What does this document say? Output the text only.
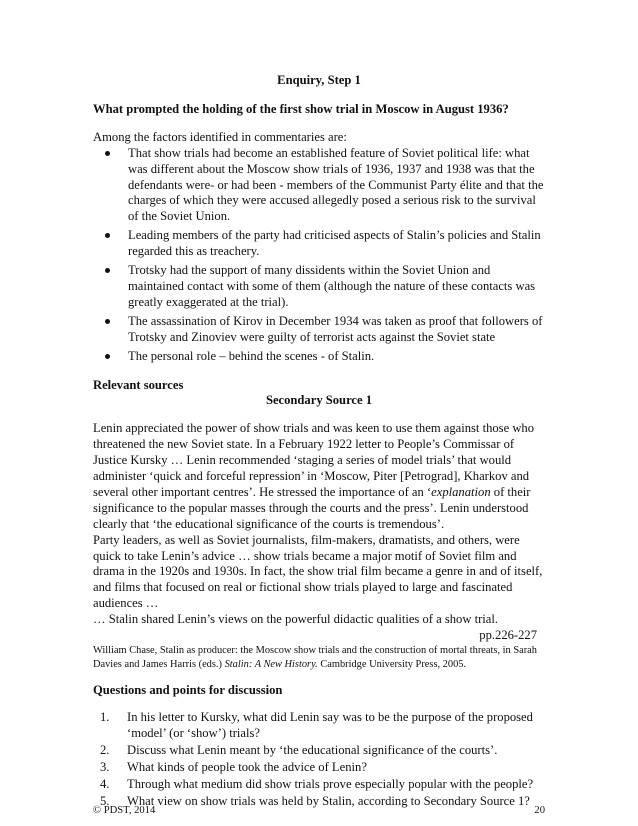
Enquiry, Step 1

What prompted the holding of the first show trial in Moscow in August 1936?

Among the factors identified in commentaries are:

That show trials had become an established feature of Soviet political life: what was different about the Moscow show trials of 1936, 1937 and 1938 was that the defendants were- or had been - members of the Communist Party élite and that the charges of which they were accused allegedly posed a serious risk to the survival of the Soviet Union.
Leading members of the party had criticised aspects of Stalin’s policies and Stalin regarded this as treachery.
Trotsky had the support of many dissidents within the Soviet Union and maintained contact with some of them (although the nature of these contacts was greatly exaggerated at the trial).
The assassination of Kirov in December 1934 was taken as proof that followers of Trotsky and Zinoviev were guilty of terrorist acts against the Soviet state
The personal role – behind the scenes - of Stalin.

Relevant sources

Secondary Source 1

Lenin appreciated the power of show trials and was keen to use them against those who threatened the new Soviet state. In a February 1922 letter to People’s Commissar of Justice Kursky … Lenin recommended ‘staging a series of model trials’ that would administer ‘quick and forceful repression’ in ‘Moscow, Piter [Petrograd], Kharkov and several other important centres’. He stressed the importance of an ‘explanation of their significance to the popular masses through the courts and the press’. Lenin understood clearly that ‘the educational significance of the courts is tremendous’.

Party leaders, as well as Soviet journalists, film-makers, dramatists, and others, were quick to take Lenin’s advice … show trials became a major motif of Soviet film and drama in the 1920s and 1930s. In fact, the show trial film became a genre in and of itself, and films that focused on real or fictional show trials played to large and fascinated audiences …

… Stalin shared Lenin’s views on the powerful didactic qualities of a show trial.

pp.226-227

William Chase, Stalin as producer: the Moscow show trials and the construction of mortal threats, in Sarah Davies and James Harris (eds.) Stalin: A New History. Cambridge University Press, 2005.

Questions and points for discussion

1. In his letter to Kursky, what did Lenin say was to be the purpose of the proposed ‘model’ (or ‘show’) trials?
2. Discuss what Lenin meant by ‘the educational significance of the courts’.
3. What kinds of people took the advice of Lenin?
4. Through what medium did show trials prove especially popular with the people?
5. What view on show trials was held by Stalin, according to Secondary Source 1?
© PDST, 2014	20
